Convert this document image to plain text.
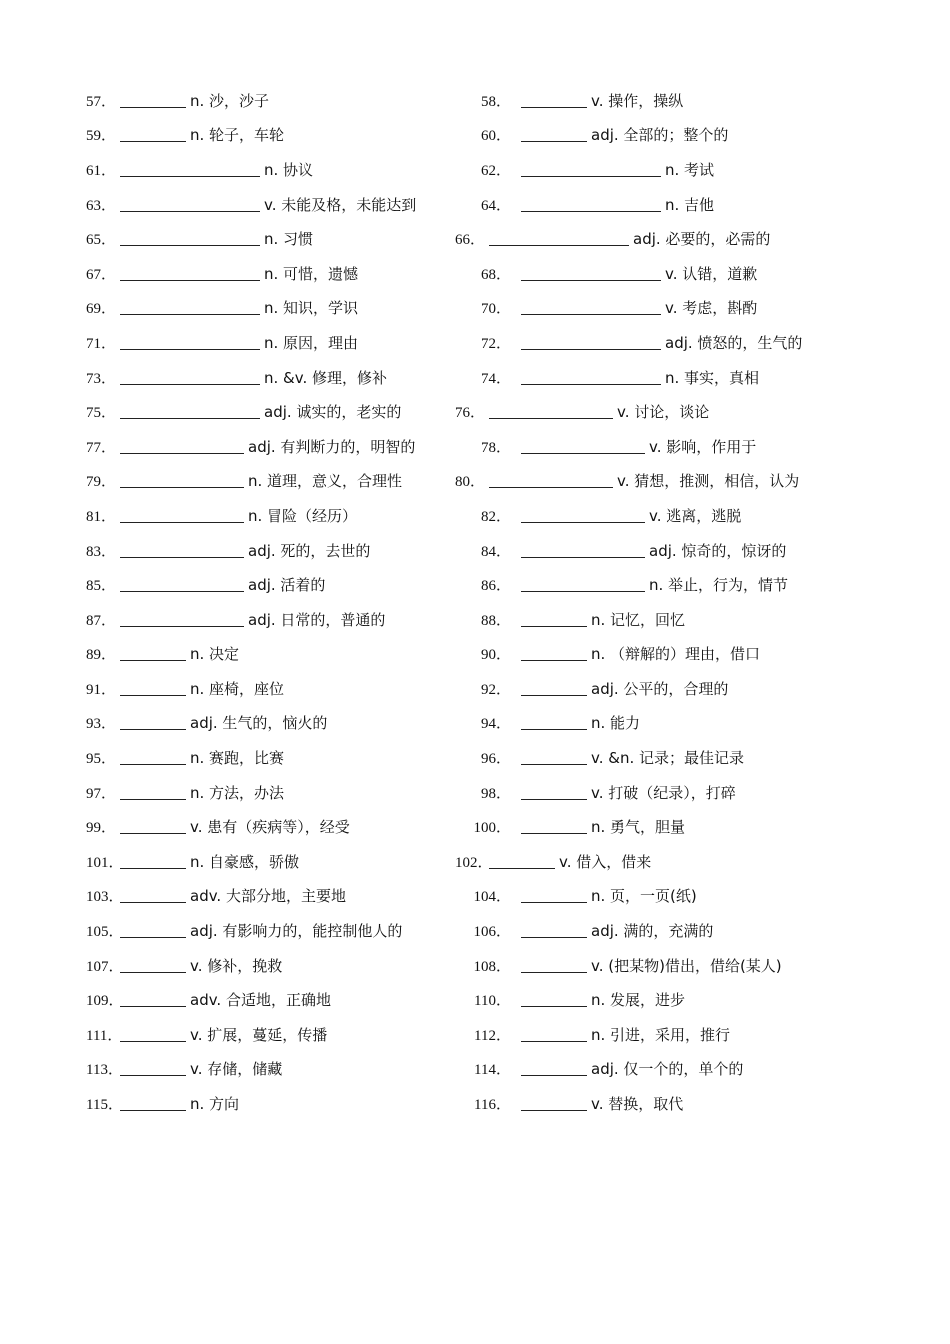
57．	n. 沙，沙子
59．	n. 轮子，车轮
61．	n. 协议
63．	v. 未能及格，未能达到
65．	n. 习惯
67．	n. 可惜，遗憾
69．	n. 知识，学识
71．	n. 原因，理由
73．	n. &v. 修理，修补
75．	adj. 诚实的，老实的
77．	adj. 有判断力的，明智的
79．	n. 道理，意义，合理性
81．	n. 冒险（经历）
83．	adj. 死的，去世的
85．	adj. 活着的
87．	adj. 日常的，普通的
89．	n. 决定
91．	n. 座椅，座位
93．	adj. 生气的，恼火的
95．	n. 赛跑，比赛
97．	n. 方法，办法
99．	v. 患有（疾病等），经受
101．	n. 自豪感，骄傲
103．	adv. 大部分地，主要地
105．	adj. 有影响力的，能控制他人的
107．	v. 修补，挽救
109．	adv. 合适地，正确地
111．	v. 扩展，蔓延，传播
113．	v. 存储，储藏
115．	n. 方向
58．	v. 操作，操纵
60．	adj. 全部的；整个的
62．	n. 考试
64．	n. 吉他
66．	adj. 必要的，必需的
68．	v. 认错，道歉
70．	v. 考虑，斟酌
72．	adj. 愤怒的，生气的
74．	n. 事实，真相
76．	v. 讨论，谈论
78．	v. 影响，作用于
80．	v. 猜想，推测，相信，认为
82．	v. 逃离，逃脱
84．	adj. 惊奇的，惊讶的
86．	n. 举止，行为，情节
88．	n. 记忆，回忆
90．	n. （辩解的）理由，借口
92．	adj. 公平的，合理的
94．	n. 能力
96．	v. &n. 记录；最佳记录
98．	v. 打破（纪录），打碎
100．	n. 勇气，胆量
102．	v. 借入，借来
104．	n. 页，一页(纸)
106．	adj. 满的，充满的
108．	v. (把某物)借出，借给(某人)
110．	n. 发展，进步
112．	n. 引进，采用，推行
114．	adj. 仅一个的，单个的
116．	v. 替换，取代
